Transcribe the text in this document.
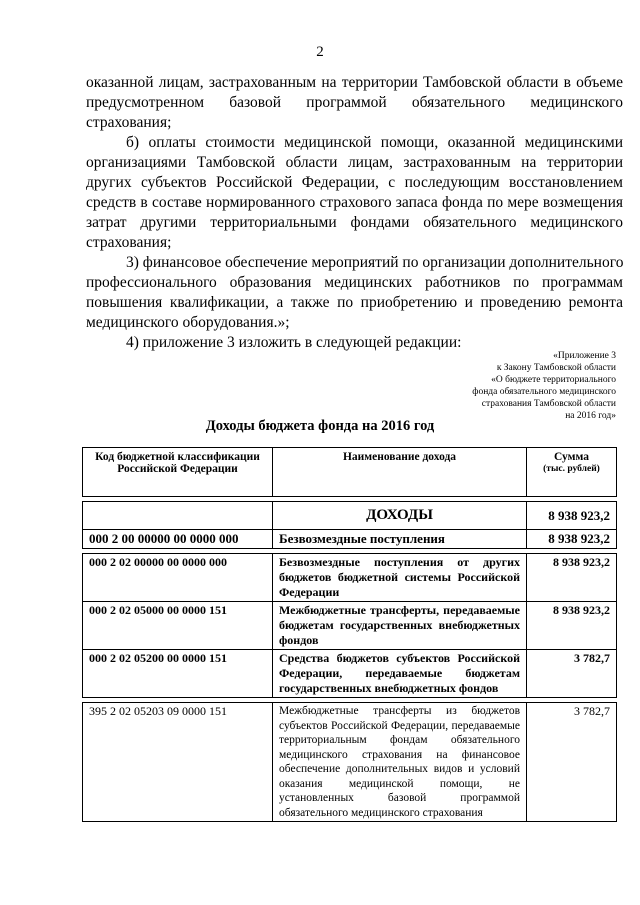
2
оказанной лицам, застрахованным на территории Тамбовской области в объеме
предусмотренном базовой программой обязательного медицинского
страхования;
б) оплаты стоимости медицинской помощи, оказанной медицинскими
организациями Тамбовской области лицам, застрахованным на территории
других субъектов Российской Федерации, с последующим восстановлением
средств в составе нормированного страхового запаса фонда по мере возмещения
затрат другими территориальными фондами обязательного медицинского
страхования;
3) финансовое обеспечение мероприятий по организации дополнительного
профессионального образования медицинских работников по программам
повышения квалификации, а также по приобретению и проведению ремонта
медицинского оборудования.»;
4) приложение 3 изложить в следующей редакции:
«Приложение 3
к Закону Тамбовской области
«О бюджете территориального
фонда обязательного медицинского
страхования Тамбовской области
на 2016 год»
Доходы бюджета фонда на 2016 год
Код бюджетной классификации Российской Федерации	Наименование дохода	Сумма
(тыс. рублей)

	ДОХОДЫ	8 938 923,2
000 2 00 00000 00 0000 000	Безвозмездные поступления	8 938 923,2

000 2 02 00000 00 0000 000	Безвозмездные поступления от других бюджетов бюджетной системы Российской Федерации	8 938 923,2
000 2 02 05000 00 0000 151	Межбюджетные трансферты, передаваемые бюджетам государственных внебюджетных фондов	8 938 923,2
000 2 02 05200 00 0000 151	Средства бюджетов субъектов Российской Федерации, передаваемые бюджетам государственных внебюджетных фондов	3 782,7

395 2 02 05203 09 0000 151	Межбюджетные трансферты из бюджетов субъектов Российской Федерации, передаваемые территориальным фондам обязательного медицинского страхования на финансовое обеспечение дополнительных видов и условий оказания медицинской помощи, не установленных базовой программой обязательного медицинского страхования	3 782,7
